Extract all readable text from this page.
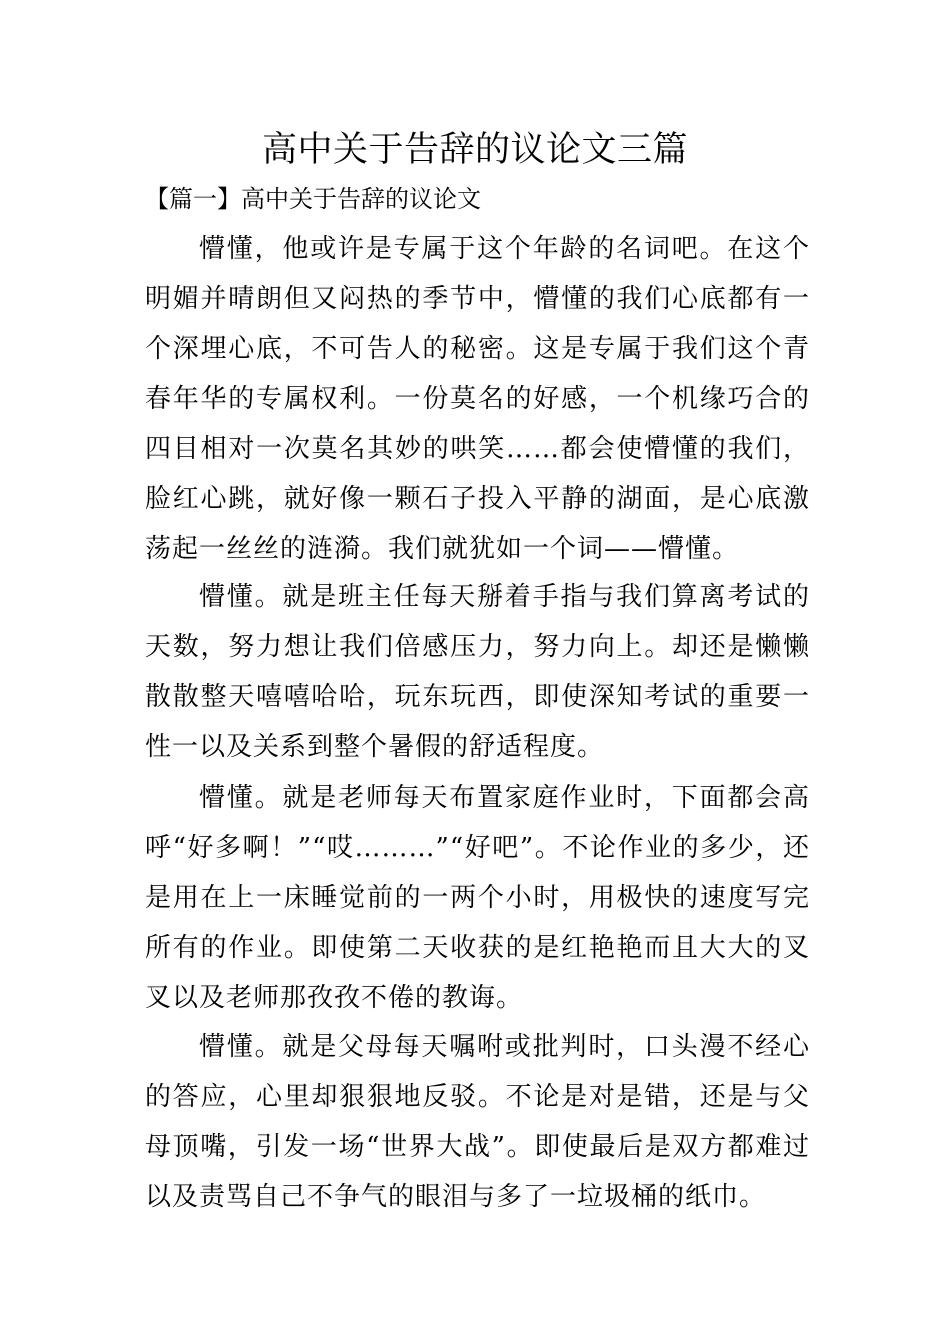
高中关于告辞的议论文三篇
【篇一】高中关于告辞的议论文

懵懂，他或许是专属于这个年龄的名词吧。在这个明媚并晴朗但又闷热的季节中，懵懂的我们心底都有一个深埋心底，不可告人的秘密。这是专属于我们这个青春年华的专属权利。一份莫名的好感，一个机缘巧合的四目相对一次莫名其妙的哄笑……都会使懵懂的我们，脸红心跳，就好像一颗石子投入平静的湖面，是心底激荡起一丝丝的涟漪。我们就犹如一个词——懵懂。

懵懂。就是班主任每天掰着手指与我们算离考试的天数，努力想让我们倍感压力，努力向上。却还是懒懒散散整天嘻嘻哈哈，玩东玩西，即使深知考试的重要一性一以及关系到整个暑假的舒适程度。

懵懂。就是老师每天布置家庭作业时，下面都会高呼“好多啊！”“哎………”“好吧”。不论作业的多少，还是用在上一床睡觉前的一两个小时，用极快的速度写完所有的作业。即使第二天收获的是红艳艳而且大大的叉叉以及老师那孜孜不倦的教诲。

懵懂。就是父母每天嘱咐或批判时，口头漫不经心的答应，心里却狠狠地反驳。不论是对是错，还是与父母顶嘴，引发一场“世界大战”。即使最后是双方都难过以及责骂自己不争气的眼泪与多了一垃圾桶的纸巾。
